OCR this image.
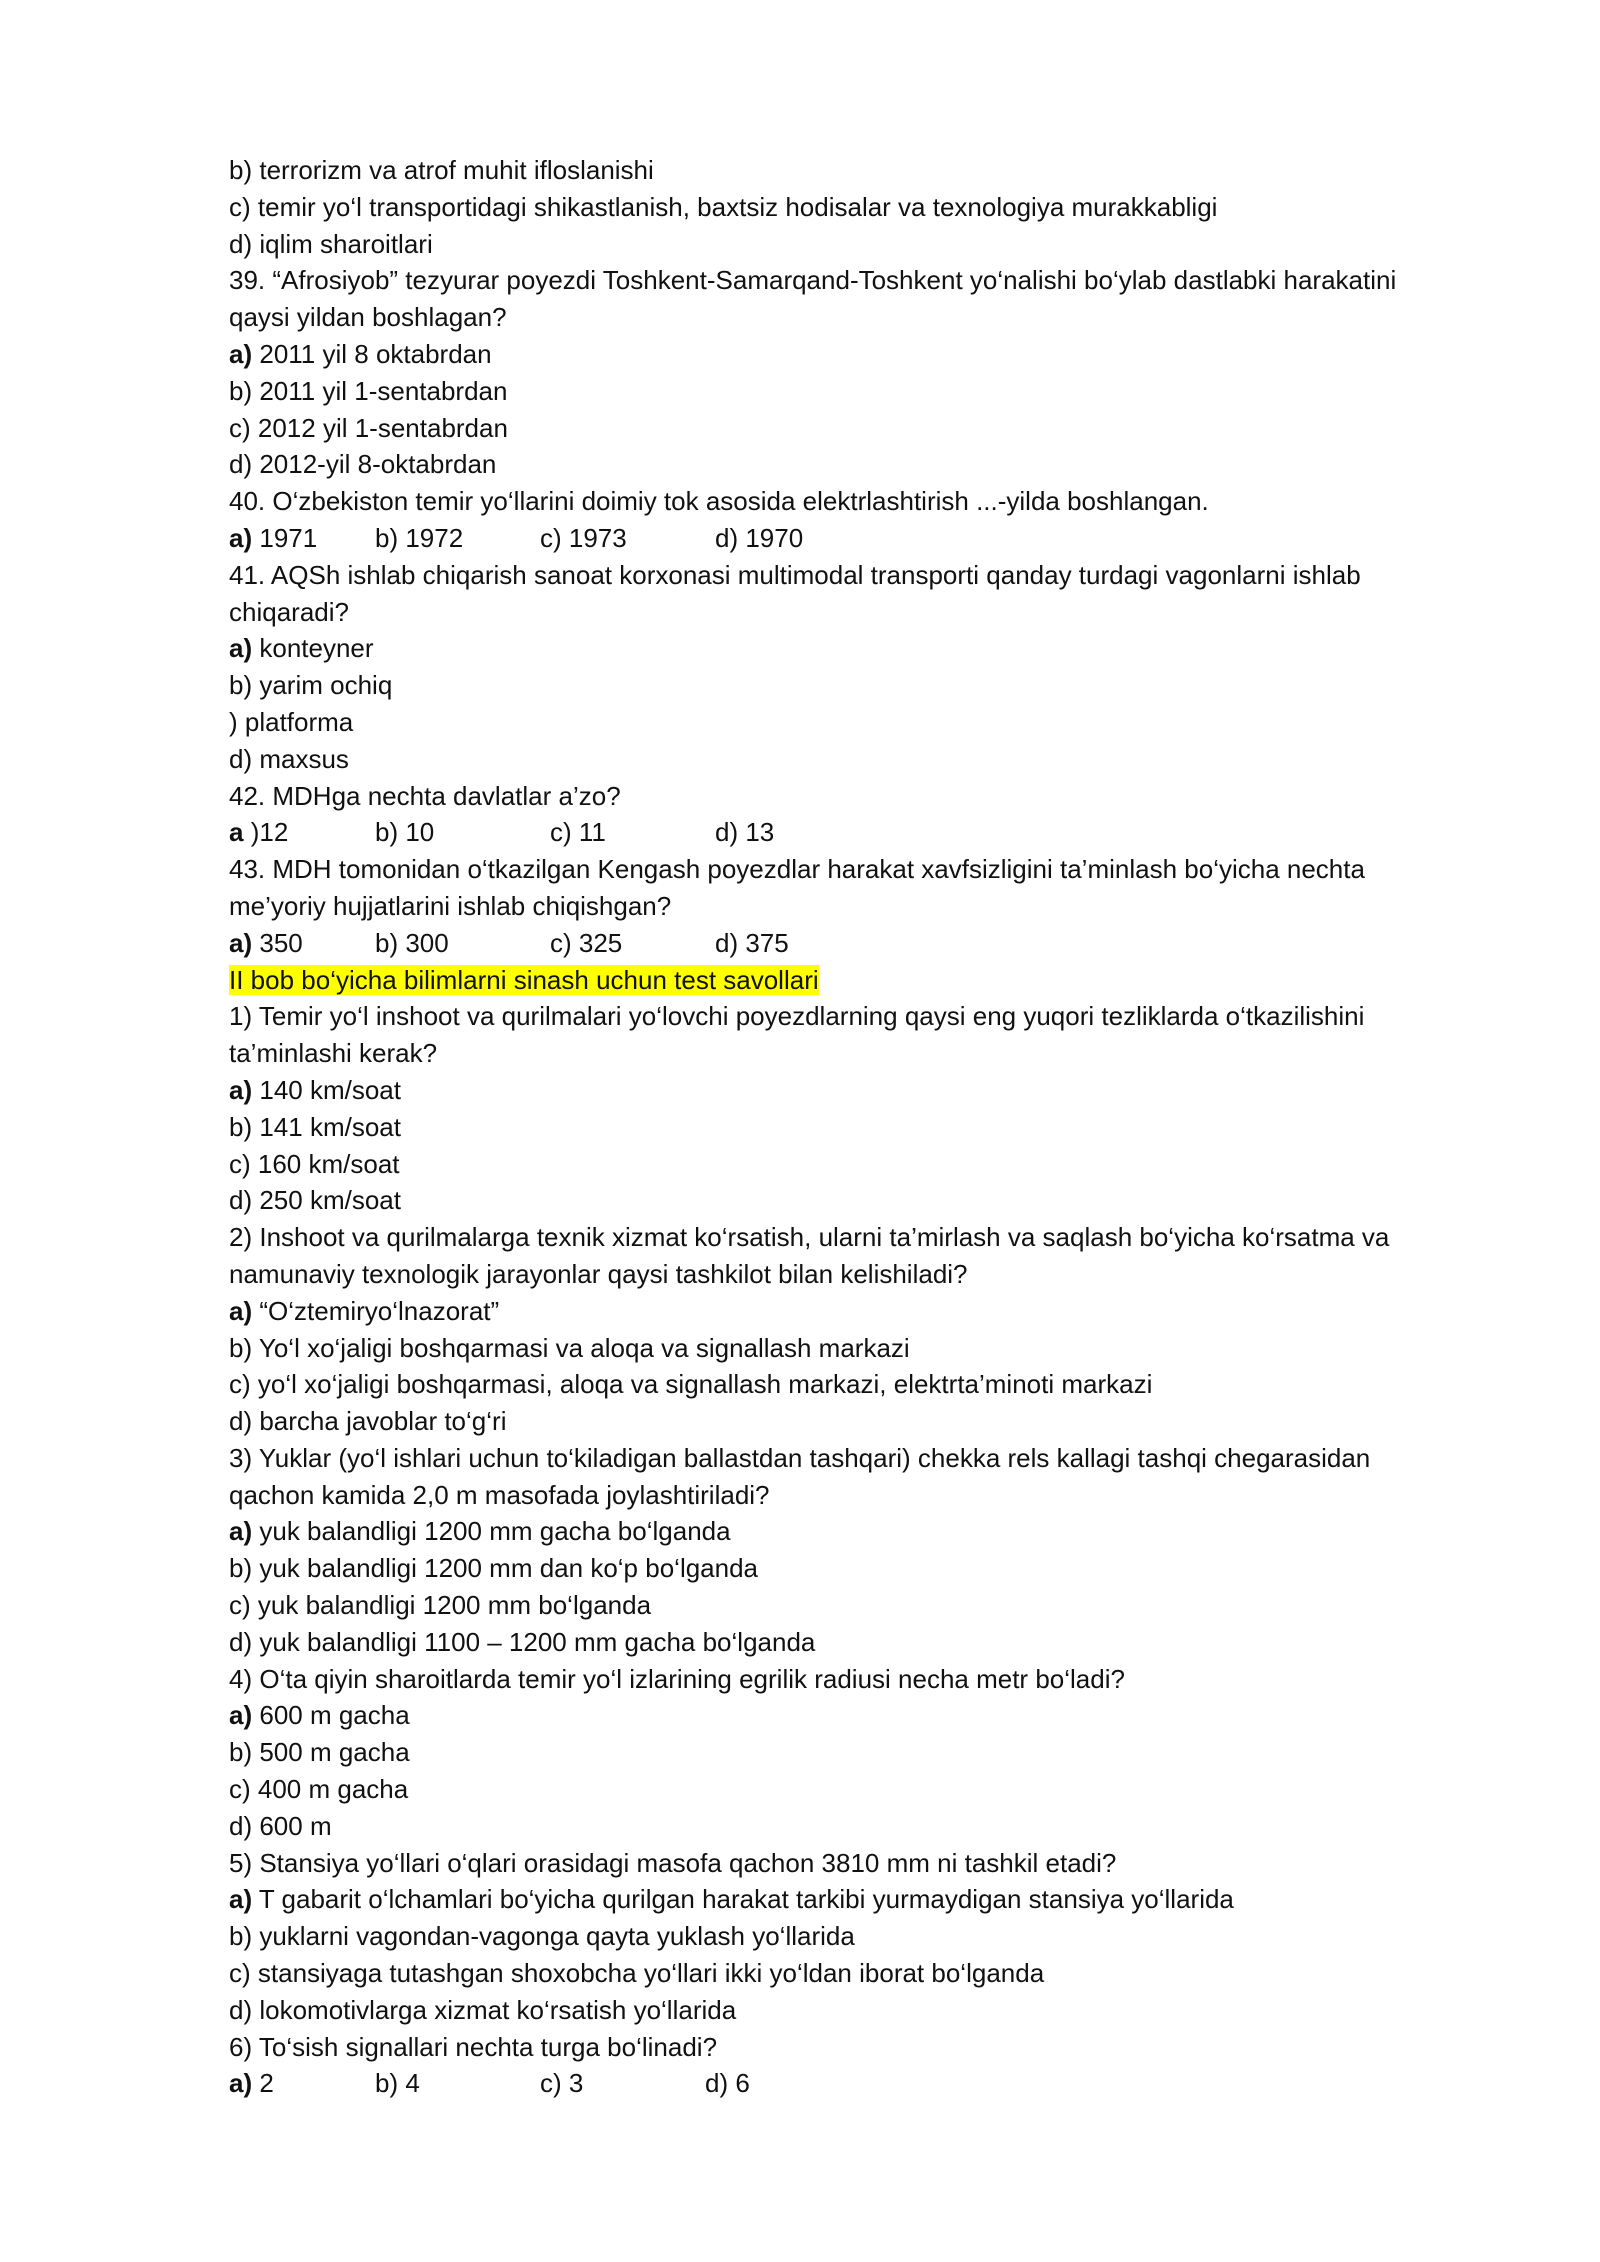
b) terrorizm va atrof muhit ifloslanishi
c) temir yo‘l transportidagi shikastlanish, baxtsiz hodisalar va texnologiya murakkabligi
d) iqlim sharoitlari
39. “Afrosiyob” tezyurar poyezdi Toshkent-Samarqand-Toshkent yo‘nalishi bo‘ylab dastlabki harakatini
qaysi yildan boshlagan?
a) 2011 yil 8 oktabrdan
b) 2011 yil 1-sentabrdan
c) 2012 yil 1-sentabrdan
d) 2012-yil 8-oktabrdan
40. O‘zbekiston temir yo‘llarini doimiy tok asosida elektrlashtirish ...-yilda boshlangan.
a) 1971 b) 1972	c) 1973	d) 1970
41. AQSh ishlab chiqarish sanoat korxonasi multimodal transporti qanday turdagi vagonlarni ishlab
chiqaradi?
a) konteyner
b) yarim ochiq
) platforma
d) maxsus
42. MDHga nechta davlatlar a’zo?
a )12	b) 10	c) 11	d) 13
43. MDH tomonidan o‘tkazilgan Kengash poyezdlar harakat xavfsizligini ta’minlash bo‘yicha nechta
me’yoriy hujjatlarini ishlab chiqishgan?
a) 350	b) 300	c) 325	d) 375
II bob bo‘yicha bilimlarni sinash uchun test savollari
1) Temir yo‘l inshoot va qurilmalari yo‘lovchi poyezdlarning qaysi eng yuqori tezliklarda o‘tkazilishini
ta’minlashi kerak?
a) 140 km/soat
b) 141 km/soat
c) 160 km/soat
d) 250 km/soat
2) Inshoot va qurilmalarga texnik xizmat ko‘rsatish, ularni ta’mirlash va saqlash bo‘yicha ko‘rsatma va
namunaviy texnologik jarayonlar qaysi tashkilot bilan kelishiladi?
a) “O‘ztemiryo‘lnazorat”
b) Yo‘l xo‘jaligi boshqarmasi va aloqa va signallash markazi
c) yo‘l xo‘jaligi boshqarmasi, aloqa va signallash markazi, elektrta’minoti markazi
d) barcha javoblar to‘g‘ri
3) Yuklar (yo‘l ishlari uchun to‘kiladigan ballastdan tashqari) chekka rels kallagi tashqi chegarasidan
qachon kamida 2,0 m masofada joylashtiriladi?
a) yuk balandligi 1200 mm gacha bo‘lganda
b) yuk balandligi 1200 mm dan ko‘p bo‘lganda
c) yuk balandligi 1200 mm bo‘lganda
d) yuk balandligi 1100 – 1200 mm gacha bo‘lganda
4) O‘ta qiyin sharoitlarda temir yo‘l izlarining egrilik radiusi necha metr bo‘ladi?
a) 600 m gacha
b) 500 m gacha
c) 400 m gacha
d) 600 m
5) Stansiya yo‘llari o‘qlari orasidagi masofa qachon 3810 mm ni tashkil etadi?
a) T gabarit o‘lchamlari bo‘yicha qurilgan harakat tarkibi yurmaydigan stansiya yo‘llarida
b) yuklarni vagondan-vagonga qayta yuklash yo‘llarida
c) stansiyaga tutashgan shoxobcha yo‘llari ikki yo‘ldan iborat bo‘lganda
d) lokomotivlarga xizmat ko‘rsatish yo‘llarida
6) To‘sish signallari nechta turga bo‘linadi?
a) 2	b) 4	c) 3	d) 6
